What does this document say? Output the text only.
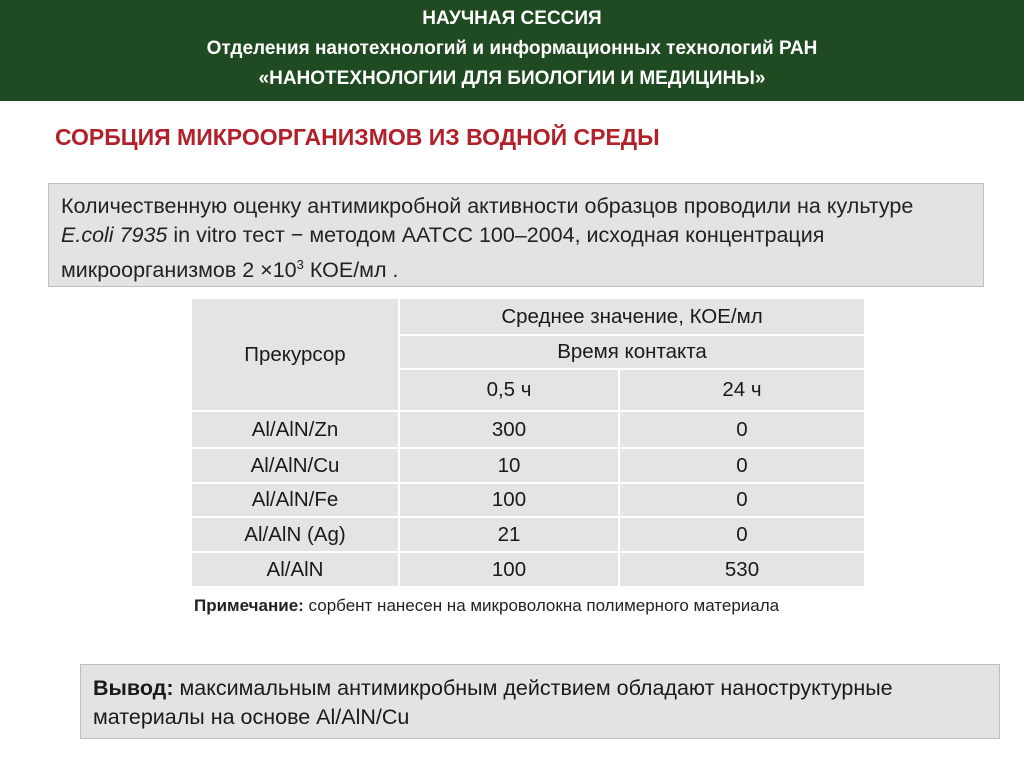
НАУЧНАЯ СЕССИЯ
Отделения нанотехнологий и информационных технологий РАН
«НАНОТЕХНОЛОГИИ ДЛЯ БИОЛОГИИ И МЕДИЦИНЫ»
СОРБЦИЯ МИКРООРГАНИЗМОВ ИЗ ВОДНОЙ СРЕДЫ
Количественную оценку антимикробной активности образцов проводили на культуре E.coli 7935 in vitro тест − методом AATCC 100–2004, исходная концентрация микроорганизмов $2 \times 10^3$ КОЕ/мл .
Прекурсор	Среднее значение, КОЕ/мл	
	Время контакта	
	0,5 ч	24 ч
Al/AlN/Zn	300	0
Al/AlN/Cu	10	0
Al/AlN/Fe	100	0
Al/AlN (Ag)	21	0
Al/AlN	100	530
Примечание: сорбент нанесен на микроволокна полимерного материала
Вывод: максимальным антимикробным действием обладают наноструктурные материалы на основе Al/AlN/Cu
